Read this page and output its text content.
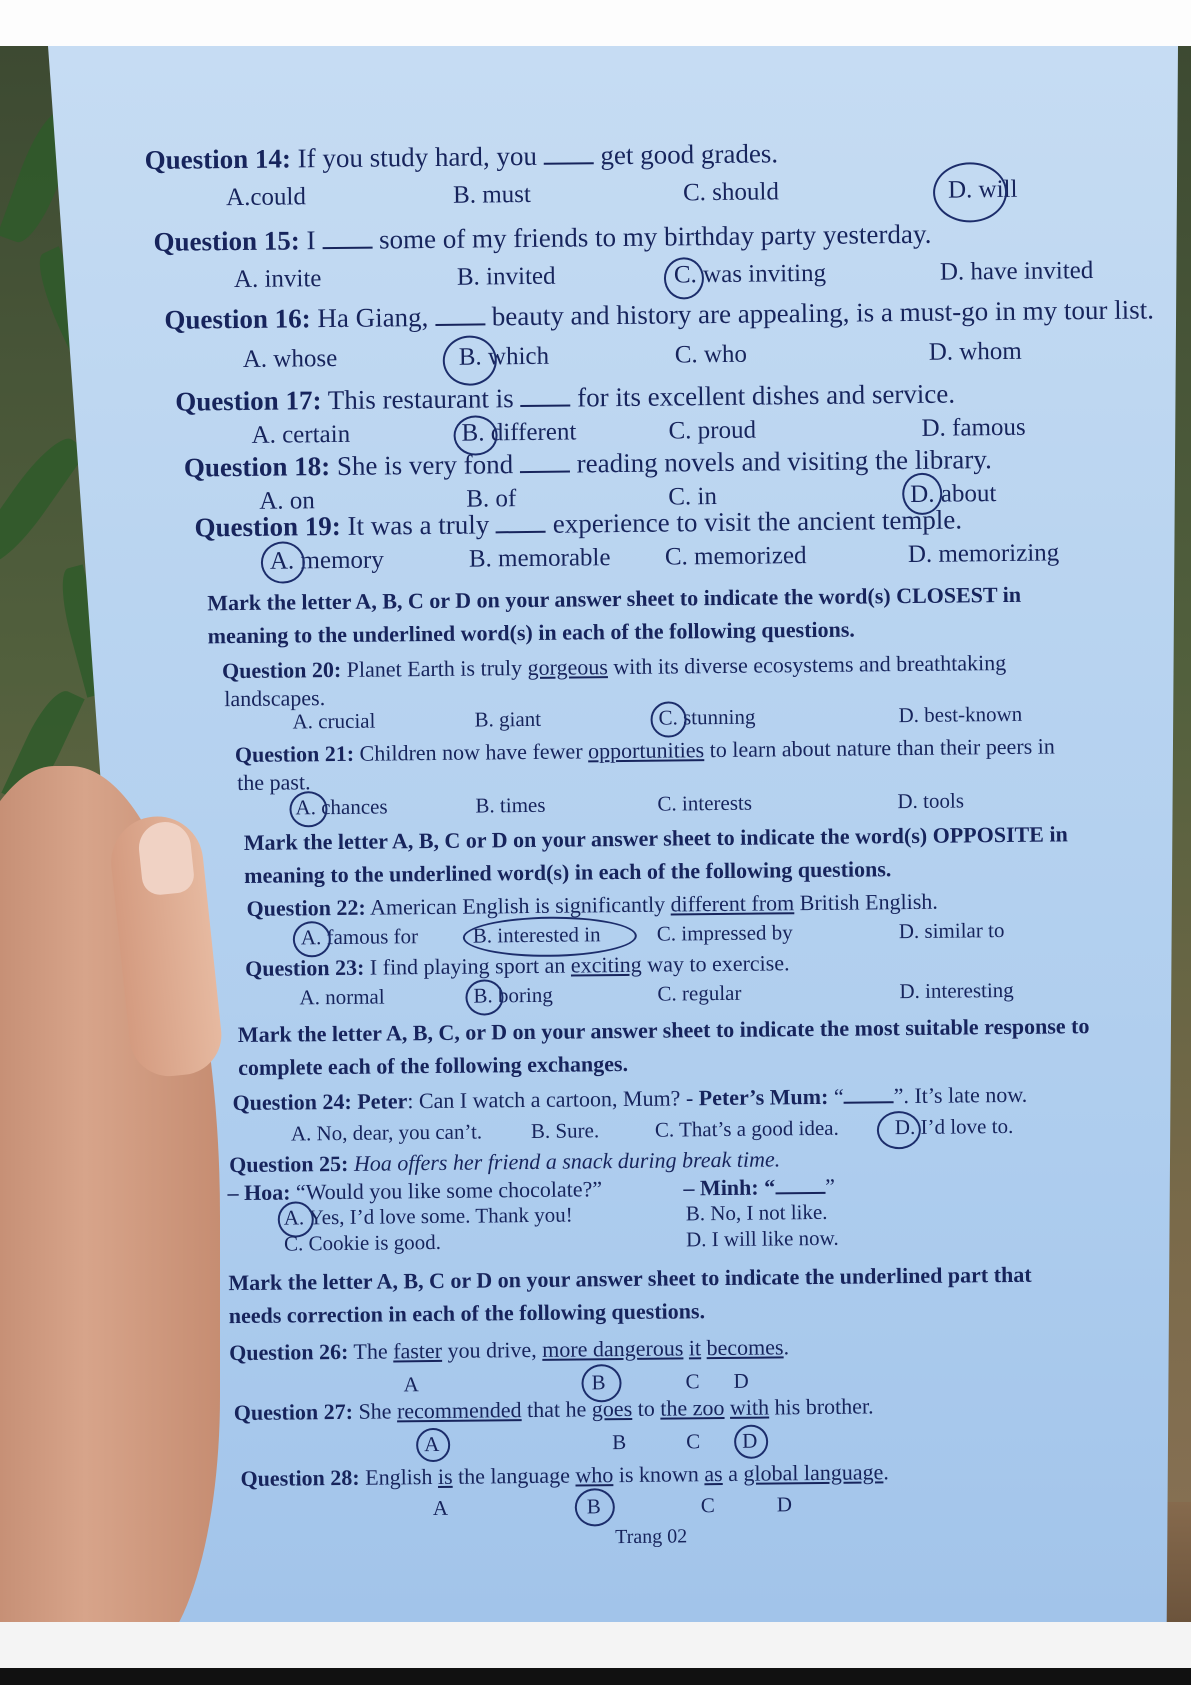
Question 14: If you study hard, you get good grades.
A.could	B. must	C. should	D. will
Question 15: I some of my friends to my birthday party yesterday.
A. invite	B. invited	C. was inviting	D. have invited
Question 16: Ha Giang, beauty and history are appealing, is a must-go in my tour list.
A. whose	B. which	C. who	D. whom
Question 17: This restaurant is for its excellent dishes and service.
A. certain	B. different	C. proud	D. famous
Question 18: She is very fond reading novels and visiting the library.
A. on	B. of	C. in	D. about
Question 19: It was a truly experience to visit the ancient temple.
A. memory	B. memorable C. memorized	D. memorizing
Mark the letter A, B, C or D on your answer sheet to indicate the word(s) CLOSEST in meaning to the underlined word(s) in each of the following questions.
Question 20: Planet Earth is truly gorgeous with its diverse ecosystems and breathtaking
landscapes.
A. crucial	B. giant	C. stunning	D. best-known
Question 21: Children now have fewer opportunities to learn about nature than their peers in
the past.
A. chances	B. times	C. interests	D. tools
Mark the letter A, B, C or D on your answer sheet to indicate the word(s) OPPOSITE in meaning to the underlined word(s) in each of the following questions.
Question 22: American English is significantly different from British English.
A. famous for	B. interested in	C. impressed by	D. similar to
Question 23: I find playing sport an exciting way to exercise.
A. normal	B. boring	C. regular	D. interesting
Mark the letter A, B, C, or D on your answer sheet to indicate the most suitable response to complete each of the following exchanges.
Question 24: Peter: Can I watch a cartoon, Mum? - Peter’s Mum: “ ”. It’s late now.
A. No, dear, you can’t. B. Sure.	C. That’s a good idea.	D. I’d love to.
Question 25: Hoa offers her friend a snack during break time.
– Hoa: “Would you like some chocolate?”	– Minh: “ ”
A. Yes, I’d love some. Thank you!	B. No, I not like.
C. Cookie is good.	D. I will like now.
Mark the letter A, B, C or D on your answer sheet to indicate the underlined part that needs correction in each of the following questions.
Question 26: The faster you drive, more dangerous it becomes.
A	B	C D
Question 27: She recommended that he goes to the zoo with his brother.
A	B	C D
Question 28: English is the language who is known as a global language.
A	B	C	D
Trang 02
